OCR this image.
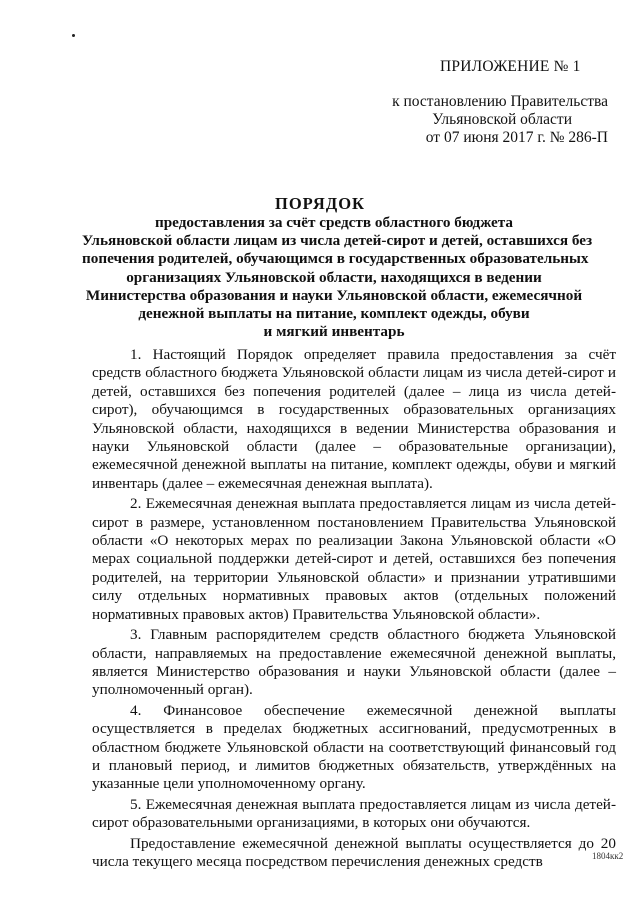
ПРИЛОЖЕНИЕ № 1
к постановлению Правительства
Ульяновской области
от 07 июня 2017 г. № 286-П
ПОРЯДОК
предоставления за счёт средств областного бюджета
Ульяновской области лицам из числа детей-сирот и детей, оставшихся без
попечения родителей, обучающимся в государственных образовательных
организациях Ульяновской области, находящихся в ведении
Министерства образования и науки Ульяновской области, ежемесячной
денежной выплаты на питание, комплект одежды, обуви
и мягкий инвентарь

1. Настоящий Порядок определяет правила предоставления за счёт средств областного бюджета Ульяновской области лицам из числа детей-сирот и детей, оставшихся без попечения родителей (далее – лица из числа детей-сирот), обучающимся в государственных образовательных организациях Ульяновской области, находящихся в ведении Министерства образования и науки Ульяновской области (далее – образовательные организации), ежемесячной денежной выплаты на питание, комплект одежды, обуви и мягкий инвентарь (далее – ежемесячная денежная выплата).

2. Ежемесячная денежная выплата предоставляется лицам из числа детей-сирот в размере, установленном постановлением Правительства Ульяновской области «О некоторых мерах по реализации Закона Ульяновской области «О мерах социальной поддержки детей-сирот и детей, оставшихся без попечения родителей, на территории Ульяновской области» и признании утратившими силу отдельных нормативных правовых актов (отдельных положений нормативных правовых актов) Правительства Ульяновской области».

3. Главным распорядителем средств областного бюджета Ульяновской области, направляемых на предоставление ежемесячной денежной выплаты, является Министерство образования и науки Ульяновской области (далее – уполномоченный орган).

4. Финансовое обеспечение ежемесячной денежной выплаты осуществляется в пределах бюджетных ассигнований, предусмотренных в областном бюджете Ульяновской области на соответствующий финансовый год и плановый период, и лимитов бюджетных обязательств, утверждённых на указанные цели уполномоченному органу.

5. Ежемесячная денежная выплата предоставляется лицам из числа детей-сирот образовательными организациями, в которых они обучаются.

Предоставление ежемесячной денежной выплаты осуществляется до 20 числа текущего месяца посредством перечисления денежных средств	1804кк2
